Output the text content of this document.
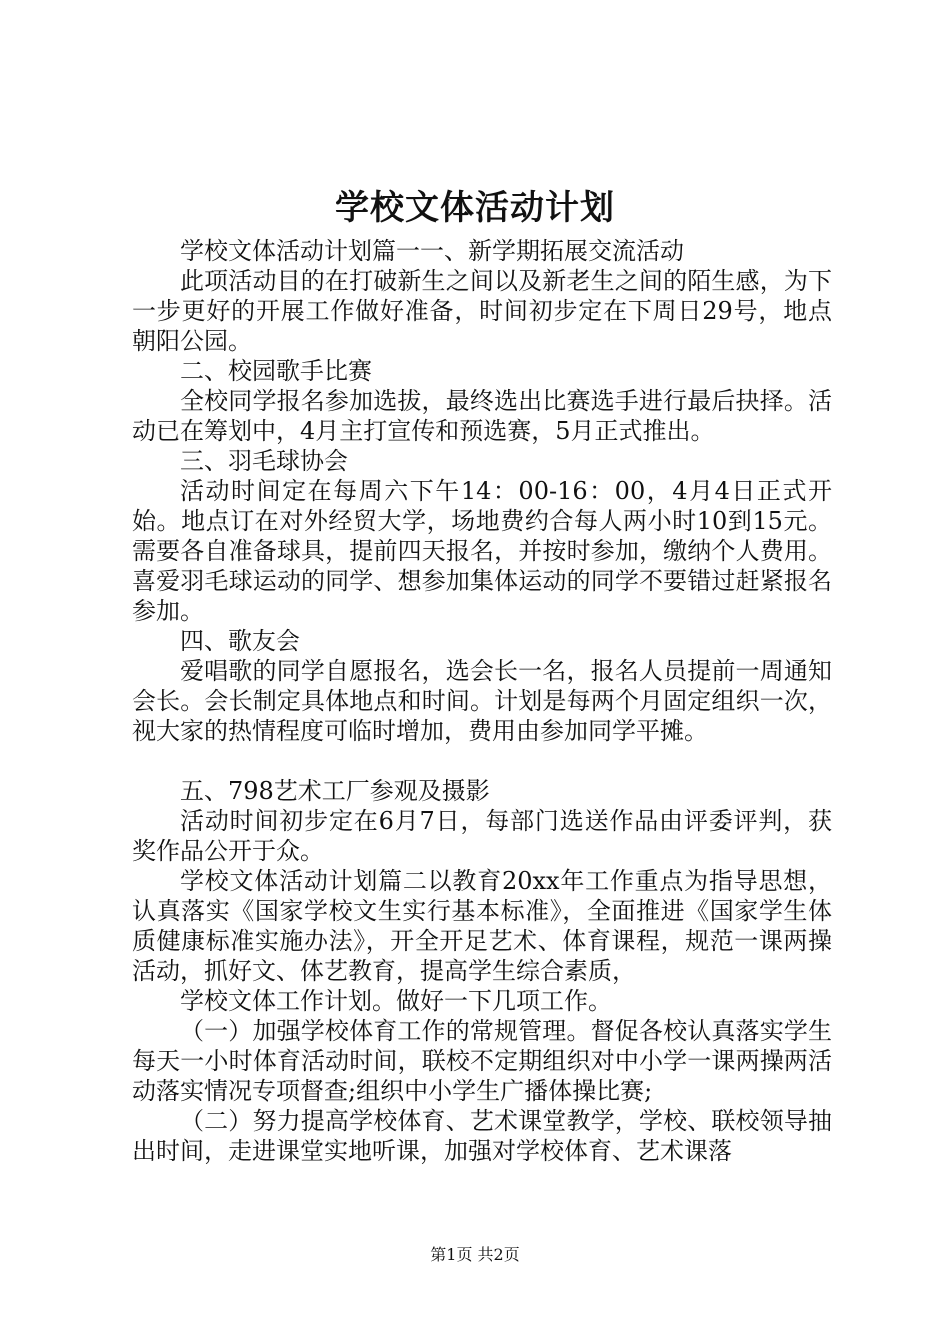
学校文体活动计划

学校文体活动计划篇一一、新学期拓展交流活动

此项活动目的在打破新生之间以及新老生之间的陌生感，为下一步更好的开展工作做好准备，时间初步定在下周日29号，地点朝阳公园。

二、校园歌手比赛

全校同学报名参加选拔，最终选出比赛选手进行最后抉择。活动已在筹划中，4月主打宣传和预选赛，5月正式推出。

三、羽毛球协会

活动时间定在每周六下午14：00-16：00，4月4日正式开始。地点订在对外经贸大学，场地费约合每人两小时10到15元。需要各自准备球具，提前四天报名，并按时参加，缴纳个人费用。喜爱羽毛球运动的同学、想参加集体运动的同学不要错过赶紧报名参加。

四、歌友会

爱唱歌的同学自愿报名，选会长一名，报名人员提前一周通知会长。会长制定具体地点和时间。计划是每两个月固定组织一次，视大家的热情程度可临时增加，费用由参加同学平摊。

五、798艺术工厂参观及摄影

活动时间初步定在6月7日，每部门选送作品由评委评判，获奖作品公开于众。

学校文体活动计划篇二以教育20xx年工作重点为指导思想，认真落实《国家学校文生实行基本标准》，全面推进《国家学生体质健康标准实施办法》，开全开足艺术、体育课程，规范一课两操活动，抓好文、体艺教育，提高学生综合素质，

学校文体工作计划。做好一下几项工作。

（一）加强学校体育工作的常规管理。督促各校认真落实学生每天一小时体育活动时间，联校不定期组织对中小学一课两操两活动落实情况专项督查;组织中小学生广播体操比赛;

（二）努力提高学校体育、艺术课堂教学，学校、联校领导抽出时间，走进课堂实地听课，加强对学校体育、艺术课落

第1页 共2页
